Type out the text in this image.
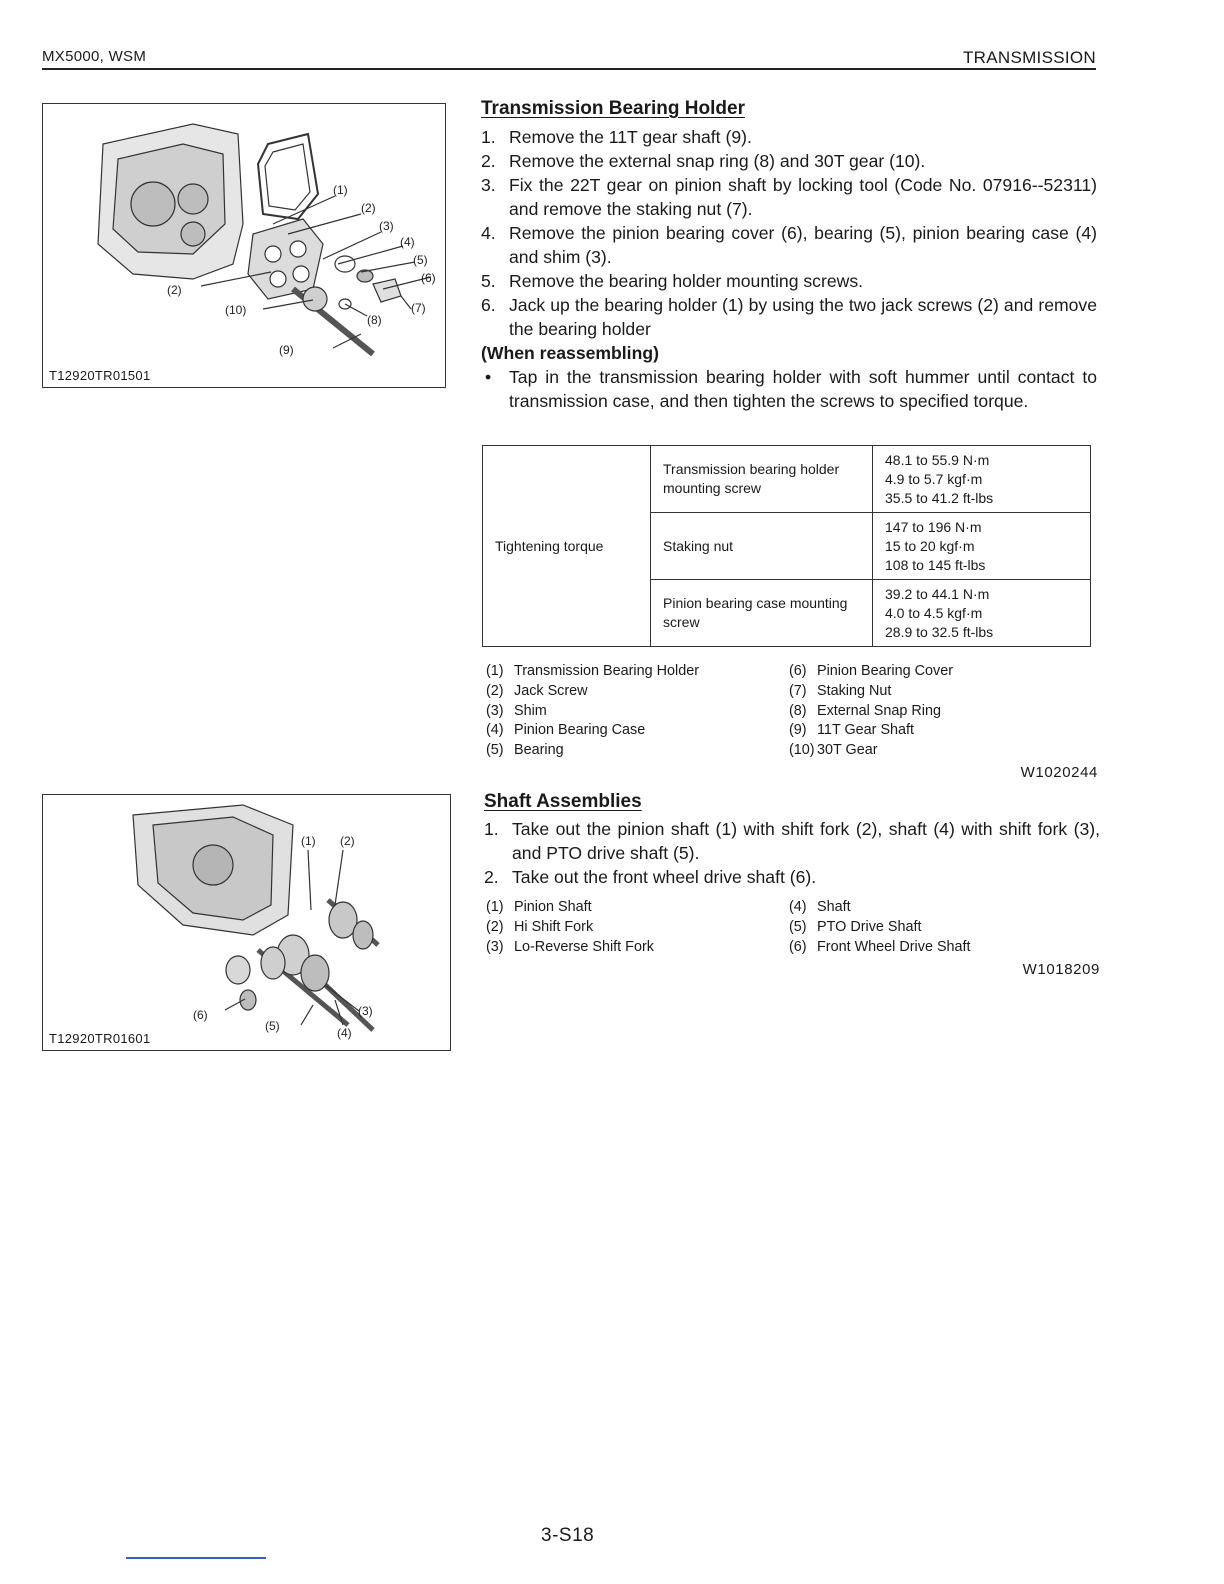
MX5000, WSM	TRANSMISSION
(1)
(2)
(3)
(4)
(5)
(6)
(7)
(8)
(9)
(10)
(2)
T12920TR01501
Transmission Bearing Holder
1. Remove the 11T gear shaft (9).
2. Remove the external snap ring (8) and 30T gear (10).
3. Fix the 22T gear on pinion shaft by locking tool (Code No. 07916--52311) and remove the staking nut (7).
4. Remove the pinion bearing cover (6), bearing (5), pinion bearing case (4) and shim (3).
5. Remove the bearing holder mounting screws.
6. Jack up the bearing holder (1) by using the two jack screws (2) and remove the bearing holder
(When reassembling)
•	Tap in the transmission bearing holder with soft hummer until contact to transmission case, and then tighten the screws to specified torque.
Tightening torque	Transmission bearing holder mounting screw	48.1 to 55.9 N·m
4.9 to 5.7 kgf·m
35.5 to 41.2 ft-lbs

	Staking nut	147 to 196 N·m
15 to 20 kgf·m
108 to 145 ft-lbs

	Pinion bearing case mounting screw	39.2 to 44.1 N·m
4.0 to 4.5 kgf·m
28.9 to 32.5 ft-lbs
(1) Transmission Bearing Holder
(2) Jack Screw
(3) Shim
(4) Pinion Bearing Case
(5) Bearing
(6) Pinion Bearing Cover
(7) Staking Nut
(8) External Snap Ring
(9) 11T Gear Shaft
(10) 30T Gear
W1020244
(1) (2)
(3)
(4)
(5)
(6)
T12920TR01601
Shaft Assemblies
1. Take out the pinion shaft (1) with shift fork (2), shaft (4) with shift fork (3), and PTO drive shaft (5).
2. Take out the front wheel drive shaft (6).
(1) Pinion Shaft
(2) Hi Shift Fork
(3) Lo-Reverse Shift Fork
(4) Shaft
(5) PTO Drive Shaft
(6) Front Wheel Drive Shaft
W1018209
3-S18
